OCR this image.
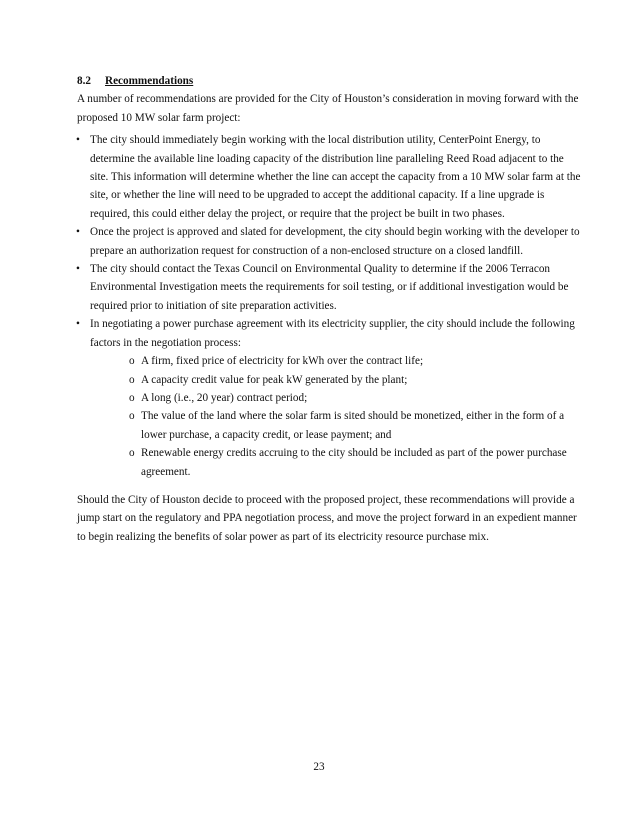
8.2 Recommendations

A number of recommendations are provided for the City of Houston’s consideration in moving forward with the proposed 10 MW solar farm project:

• The city should immediately begin working with the local distribution utility, CenterPoint Energy, to determine the available line loading capacity of the distribution line paralleling Reed Road adjacent to the site. This information will determine whether the line can accept the capacity from a 10 MW solar farm at the site, or whether the line will need to be upgraded to accept the additional capacity. If a line upgrade is required, this could either delay the project, or require that the project be built in two phases.
• Once the project is approved and slated for development, the city should begin working with the developer to prepare an authorization request for construction of a non-enclosed structure on a closed landfill.
• The city should contact the Texas Council on Environmental Quality to determine if the 2006 Terracon Environmental Investigation meets the requirements for soil testing, or if additional investigation would be required prior to initiation of site preparation activities.
• In negotiating a power purchase agreement with its electricity supplier, the city should include the following factors in the negotiation process:
o A firm, fixed price of electricity for kWh over the contract life;
o A capacity credit value for peak kW generated by the plant;
o A long (i.e., 20 year) contract period;
o The value of the land where the solar farm is sited should be monetized, either in the form of a lower purchase, a capacity credit, or lease payment; and
o Renewable energy credits accruing to the city should be included as part of the power purchase agreement.

Should the City of Houston decide to proceed with the proposed project, these recommendations will provide a jump start on the regulatory and PPA negotiation process, and move the project forward in an expedient manner to begin realizing the benefits of solar power as part of its electricity resource purchase mix.

23
